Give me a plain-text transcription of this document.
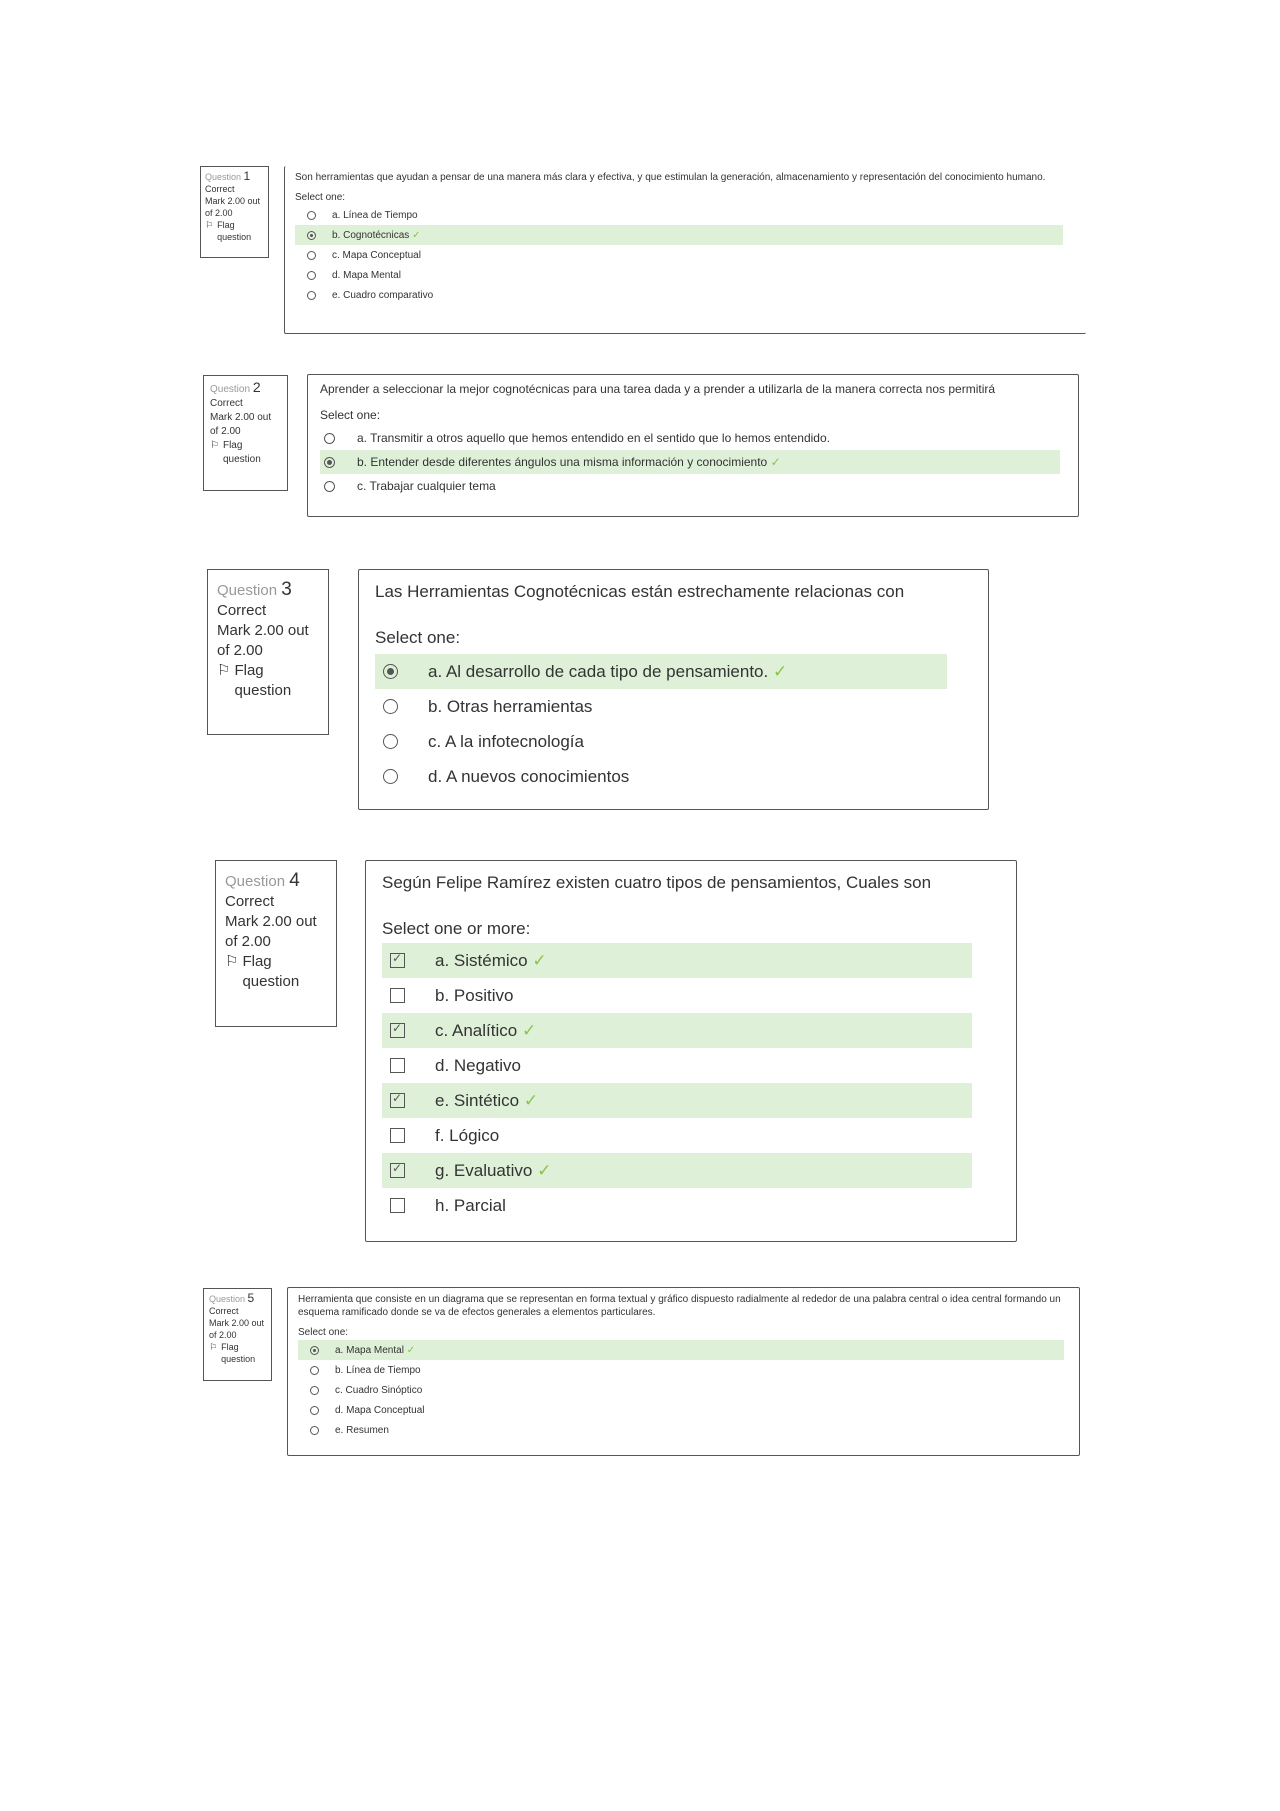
Question 1
Correct
Mark 2.00 out of 2.00
⚐ Flag question

Son herramientas que ayudan a pensar de una manera más clara y efectiva, y que estimulan la generación, almacenamiento y representación del conocimiento humano.

Select one:
a. Línea de Tiempo
b. Cognotécnicas
✓
c. Mapa Conceptual
d. Mapa Mental
e. Cuadro comparativo
Question 2
Correct
Mark 2.00 out of 2.00
⚐ Flag question

Aprender a seleccionar la mejor cognotécnicas para una tarea dada y a prender a utilizarla de la manera correcta nos permitirá

Select one:
a. Transmitir a otros aquello que hemos entendido en el sentido que lo hemos entendido.
b. Entender desde diferentes ángulos una misma información y conocimiento
✓
c. Trabajar cualquier tema
Question 3
Correct
Mark 2.00 out of 2.00
⚐ Flag question

Las Herramientas Cognotécnicas están estrechamente relacionas con

Select one:
a. Al desarrollo de cada tipo de pensamiento.
✓
b. Otras herramientas
c. A la infotecnología
d. A nuevos conocimientos
Question 4
Correct
Mark 2.00 out of 2.00
⚐ Flag question

Según Felipe Ramírez existen cuatro tipos de pensamientos, Cuales son

Select one or more:
✓
a. Sistémico
✓
b. Positivo
✓
c. Analítico
✓
d. Negativo
✓
e. Sintético
✓
f. Lógico
✓
g. Evaluativo
✓
h. Parcial
Question 5
Correct
Mark 2.00 out of 2.00
⚐ Flag question

Herramienta que consiste en un diagrama que se representan en forma textual y gráfico dispuesto radialmente al rededor de una palabra central o idea central formando un esquema ramificado donde se va de efectos generales a elementos particulares.

Select one:
a. Mapa Mental
✓
b. Línea de Tiempo
c. Cuadro Sinóptico
d. Mapa Conceptual
e. Resumen
